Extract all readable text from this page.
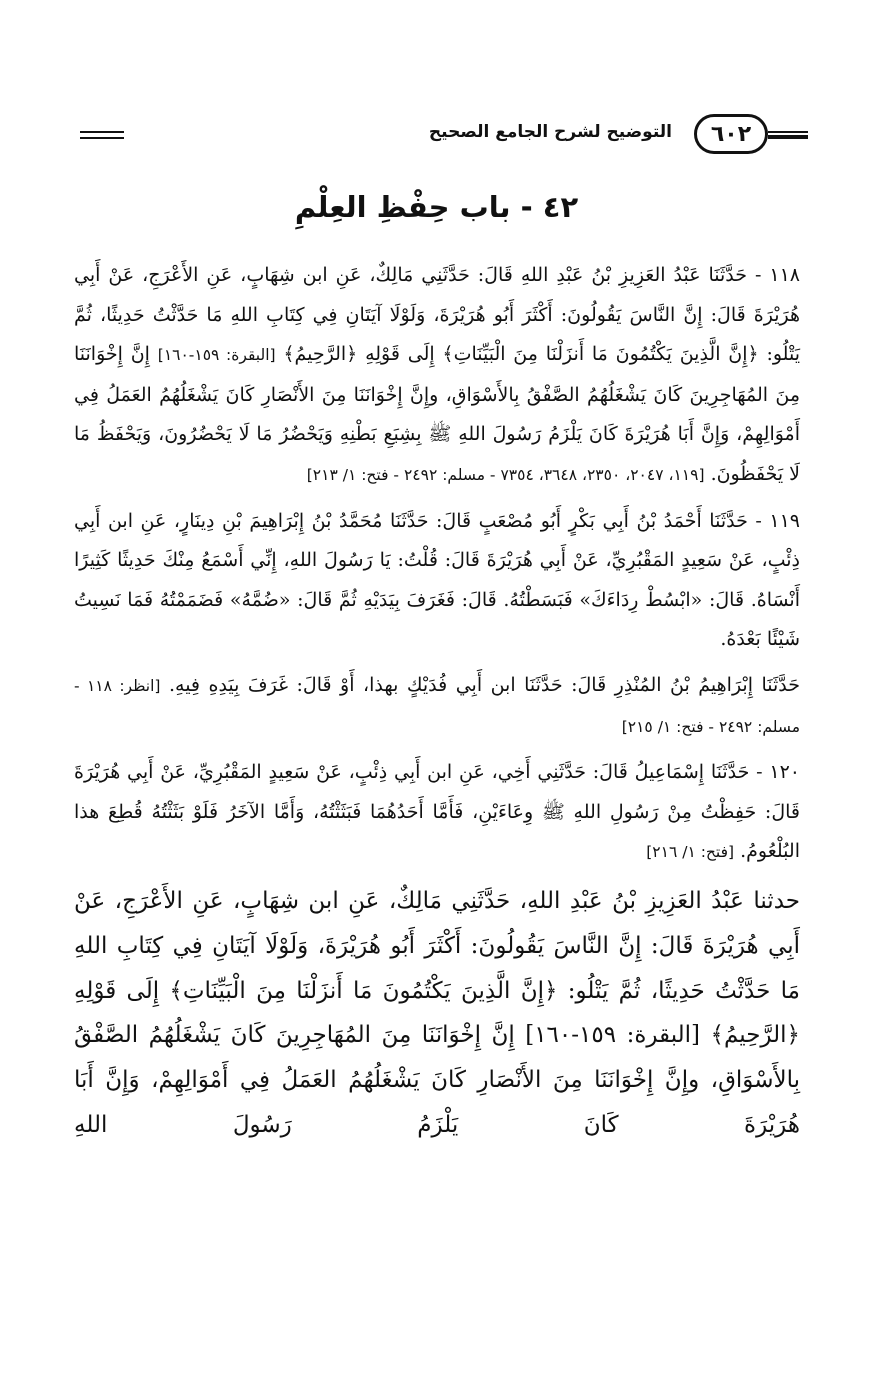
٦٠٢
التوضيح لشرح الجامع الصحيح
٤٢ - باب حِفْظِ العِلْمِ

١١٨ - حَدَّثَنَا عَبْدُ العَزِيزِ بْنُ عَبْدِ اللهِ قَالَ: حَدَّثَنِي مَالِكٌ، عَنِ ابن شِهَابٍ، عَنِ الأَعْرَجِ، عَنْ أَبِي هُرَيْرَةَ قَالَ: إِنَّ النَّاسَ يَقُولُونَ: أَكْثَرَ أَبُو هُرَيْرَةَ، وَلَوْلَا آيَتَانِ فِي كِتَابِ اللهِ مَا حَدَّثْتُ حَدِيثًا، ثُمَّ يَتْلُو: ﴿إِنَّ الَّذِينَ يَكْتُمُونَ مَا أَنزَلْنَا مِنَ الْبَيِّنَاتِ﴾ إِلَى قَوْلِهِ ﴿الرَّحِيمُ﴾ [البقرة: ١٥٩-١٦٠] إِنَّ إِخْوَانَنَا مِنَ المُهَاجِرِينَ كَانَ يَشْغَلُهُمُ الصَّفْقُ بِالأَسْوَاقِ، وإِنَّ إِخْوَانَنَا مِنَ الأَنْصَارِ كَانَ يَشْغَلُهُمُ العَمَلُ فِي أَمْوَالِهِمْ، وَإِنَّ أَبَا هُرَيْرَةَ كَانَ يَلْزَمُ رَسُولَ اللهِ ﷺ بِشِبَعِ بَطْنِهِ وَيَحْضُرُ مَا لَا يَحْضُرُونَ، وَيَحْفَظُ مَا لَا يَحْفَظُونَ. [١١٩، ٢٠٤٧، ٢٣٥٠، ٣٦٤٨، ٧٣٥٤ - مسلم: ٢٤٩٢ - فتح: ١/ ٢١٣]

١١٩ - حَدَّثَنَا أَحْمَدُ بْنُ أَبِي بَكْرٍ أَبُو مُصْعَبٍ قَالَ: حَدَّثَنَا مُحَمَّدُ بْنُ إِبْرَاهِيمَ بْنِ دِينَارٍ، عَنِ ابن أَبِي ذِئْبٍ، عَنْ سَعِيدٍ المَقْبُرِيِّ، عَنْ أَبِي هُرَيْرَةَ قَالَ: قُلْتُ: يَا رَسُولَ اللهِ، إِنِّي أَسْمَعُ مِنْكَ حَدِيثًا كَثِيرًا أَنْسَاهُ. قَالَ: «ابْسُطْ رِدَاءَكَ» فَبَسَطْتُهُ. قَالَ: فَغَرَفَ بِيَدَيْهِ ثُمَّ قَالَ: «ضُمَّهُ» فَضَمَمْتُهُ فَمَا نَسِيتُ شَيْئًا بَعْدَهُ.

حَدَّثَنَا إِبْرَاهِيمُ بْنُ المُنْذِرِ قَالَ: حَدَّثَنَا ابن أَبِي فُدَيْكٍ بهذا، أَوْ قَالَ: غَرَفَ بِيَدِهِ فِيهِ. [انظر: ١١٨ - مسلم: ٢٤٩٢ - فتح: ١/ ٢١٥]

١٢٠ - حَدَّثَنَا إِسْمَاعِيلُ قَالَ: حَدَّثَنِي أَخِي، عَنِ ابن أَبِي ذِئْبٍ، عَنْ سَعِيدٍ المَقْبُرِيِّ، عَنْ أَبِي هُرَيْرَةَ قَالَ: حَفِظْتُ مِنْ رَسُولِ اللهِ ﷺ وِعَاءَيْنِ، فَأَمَّا أَحَدُهُمَا فَبَثَثْتُهُ، وَأَمَّا الآخَرُ فَلَوْ بَثَثْتُهُ قُطِعَ هذا البُلْعُومُ. [فتح: ١/ ٢١٦]

حدثنا عَبْدُ العَزِيزِ بْنُ عَبْدِ اللهِ، حَدَّثَنِي مَالِكٌ، عَنِ ابن شِهَابٍ، عَنِ الأَعْرَجِ، عَنْ أَبِي هُرَيْرَةَ قَالَ: إِنَّ النَّاسَ يَقُولُونَ: أَكْثَرَ أَبُو هُرَيْرَةَ، وَلَوْلَا آيَتَانِ فِي كِتَابِ اللهِ مَا حَدَّثْتُ حَدِيثًا، ثُمَّ يَتْلُو: ﴿إِنَّ الَّذِينَ يَكْتُمُونَ مَا أَنزَلْنَا مِنَ الْبَيِّنَاتِ﴾ إِلَى قَوْلِهِ ﴿الرَّحِيمُ﴾ [البقرة: ١٥٩-١٦٠] إِنَّ إِخْوَانَنَا مِنَ المُهَاجِرِينَ كَانَ يَشْغَلُهُمُ الصَّفْقُ بِالأَسْوَاقِ، وإِنَّ إِخْوَانَنَا مِنَ الأَنْصَارِ كَانَ يَشْغَلُهُمُ العَمَلُ فِي أَمْوَالِهِمْ، وَإِنَّ أَبَا هُرَيْرَةَ كَانَ يَلْزَمُ رَسُولَ اللهِ
